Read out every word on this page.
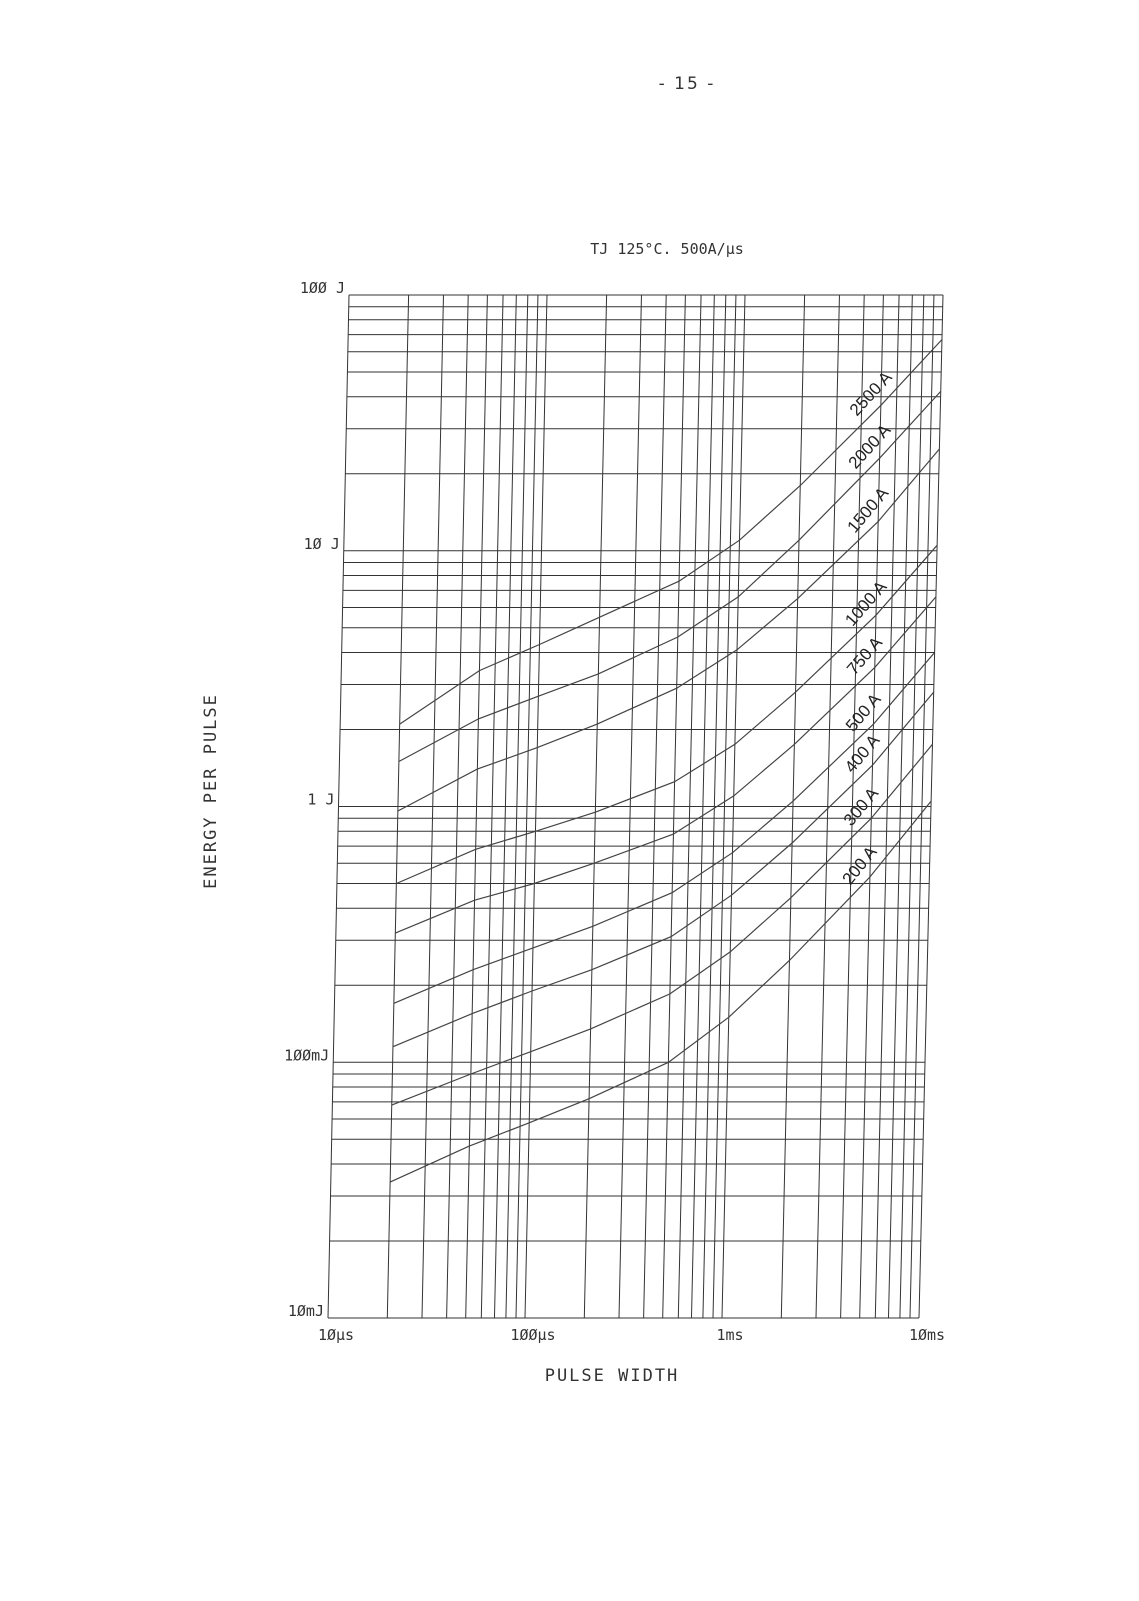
- 15 -
TJ 125°C. 500A/μs
2500 A
2000 A
1500 A
1000 A
750 A
500 A
400 A
300 A
200 A
1Øμs	1ØØμs	1ms	1Øms
1ØmJ
1ØØmJ
1 J
1Ø J
1ØØ J
PULSE WIDTH
ENERGY PER PULSE
